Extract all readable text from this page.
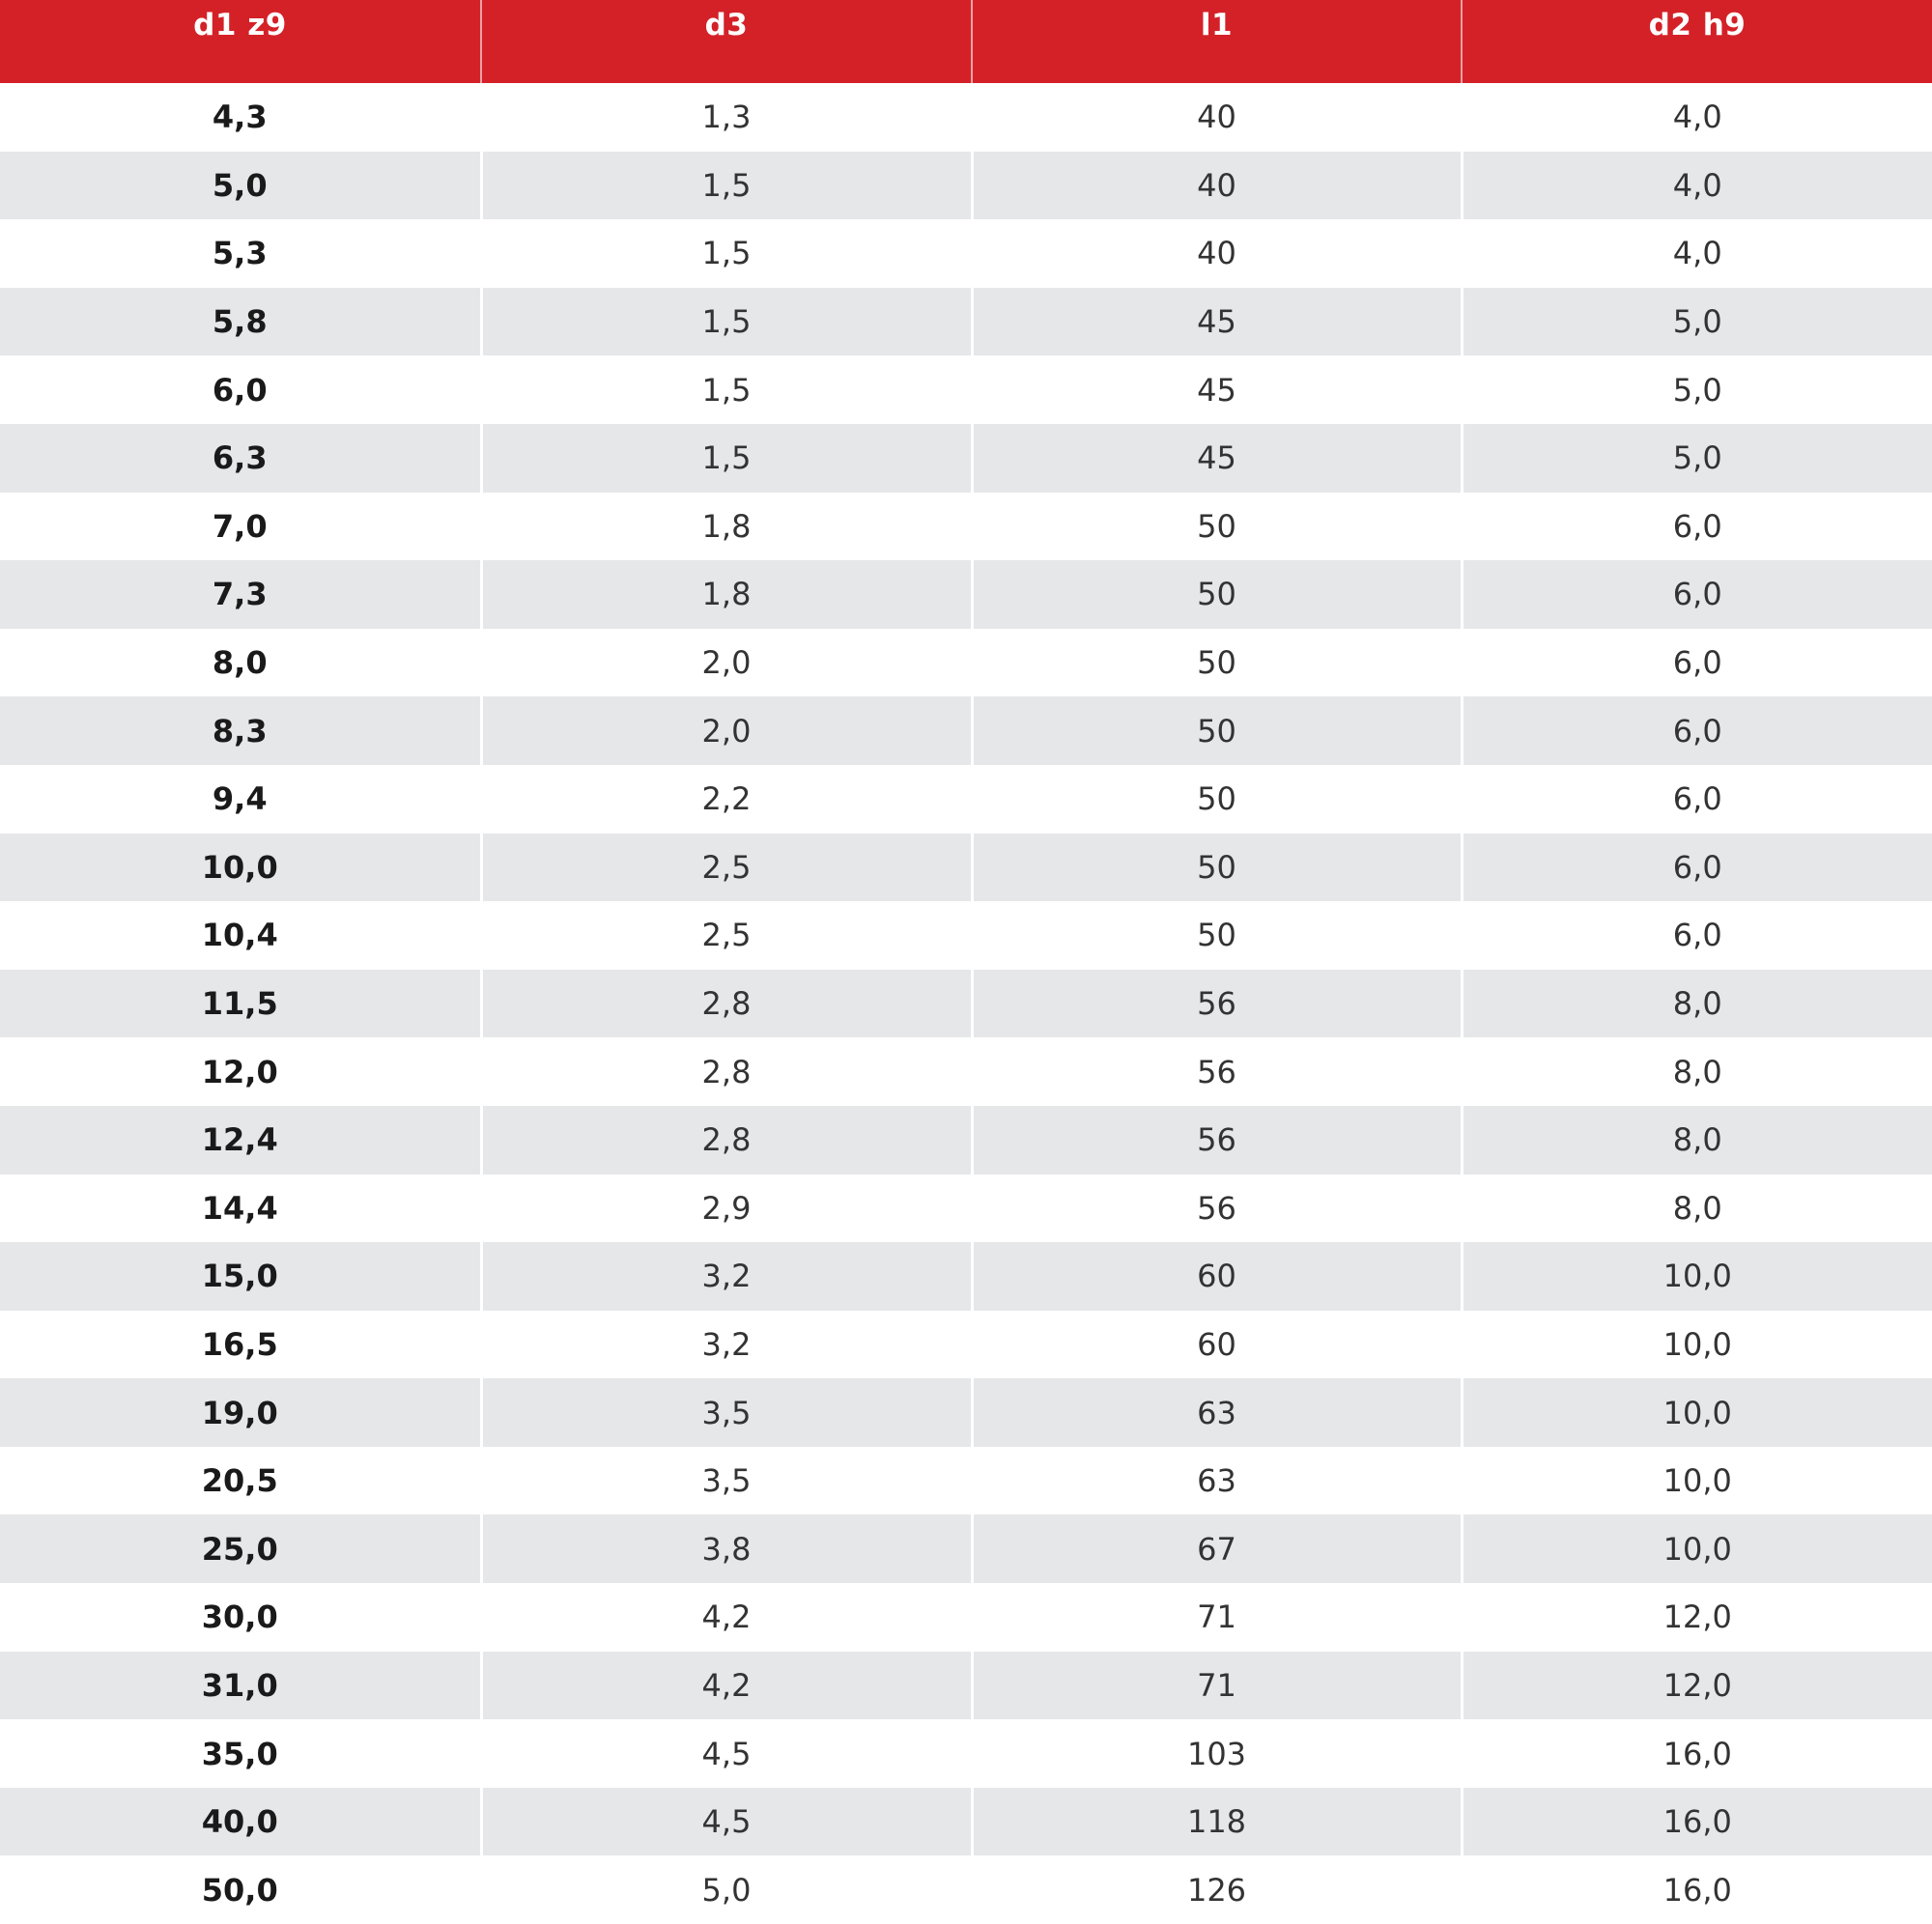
d1 z9	d3	l1	d2 h9
4,3	1,3	40	4,0
5,0	1,5	40	4,0
5,3	1,5	40	4,0
5,8	1,5	45	5,0
6,0	1,5	45	5,0
6,3	1,5	45	5,0
7,0	1,8	50	6,0
7,3	1,8	50	6,0
8,0	2,0	50	6,0
8,3	2,0	50	6,0
9,4	2,2	50	6,0
10,0	2,5	50	6,0
10,4	2,5	50	6,0
11,5	2,8	56	8,0
12,0	2,8	56	8,0
12,4	2,8	56	8,0
14,4	2,9	56	8,0
15,0	3,2	60	10,0
16,5	3,2	60	10,0
19,0	3,5	63	10,0
20,5	3,5	63	10,0
25,0	3,8	67	10,0
30,0	4,2	71	12,0
31,0	4,2	71	12,0
35,0	4,5	103	16,0
40,0	4,5	118	16,0
50,0	5,0	126	16,0
